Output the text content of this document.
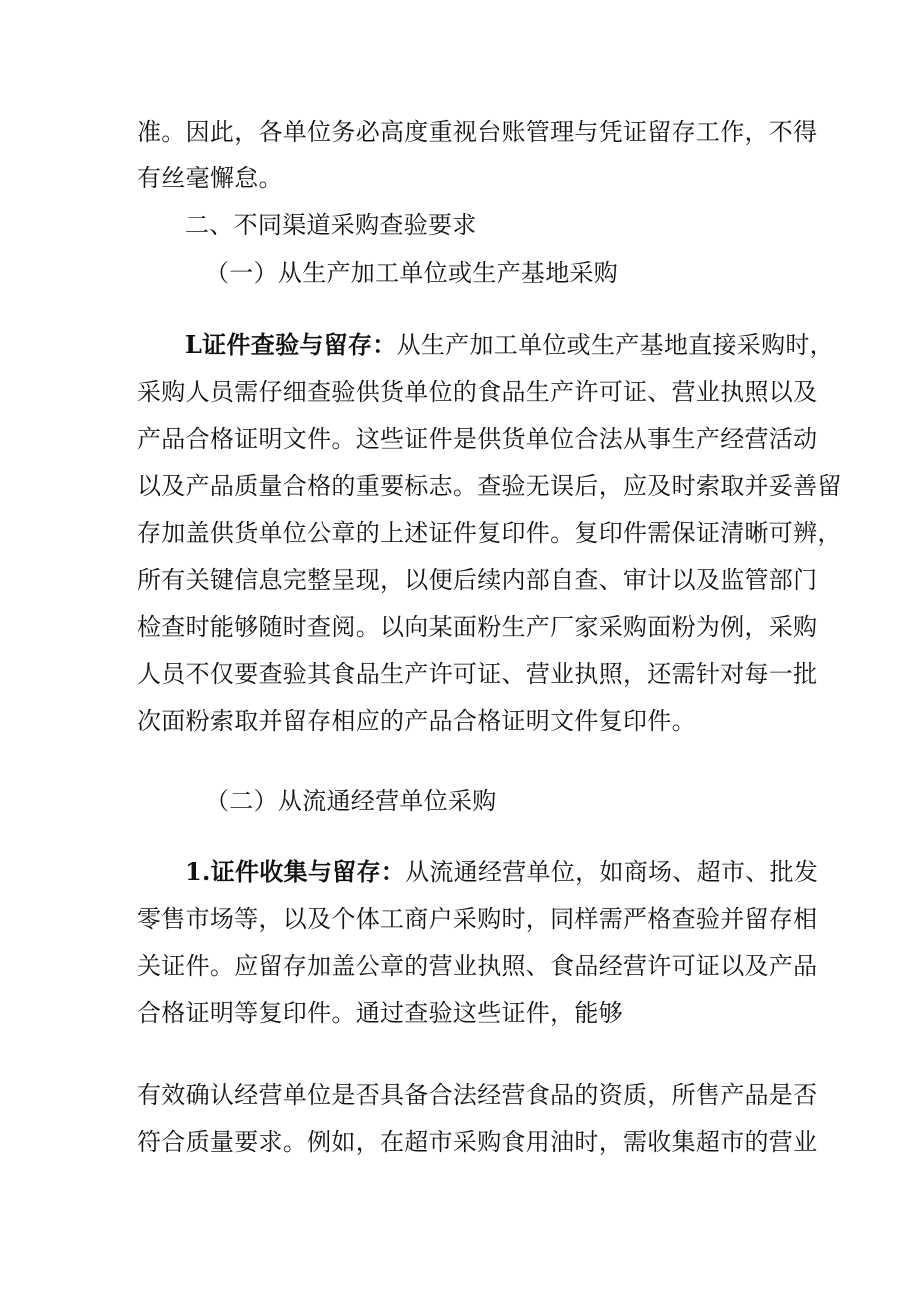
准。因此，各单位务必高度重视台账管理与凭证留存工作，不得
有丝毫懈怠。
二、不同渠道采购查验要求
（一）从生产加工单位或生产基地采购
L证件查验与留存：从生产加工单位或生产基地直接采购时，
采购人员需仔细查验供货单位的食品生产许可证、营业执照以及
产品合格证明文件。这些证件是供货单位合法从事生产经营活动
以及产品质量合格的重要标志。查验无误后，应及时索取并妥善留
存加盖供货单位公章的上述证件复印件。复印件需保证清晰可辨，
所有关键信息完整呈现，以便后续内部自查、审计以及监管部门
检查时能够随时查阅。以向某面粉生产厂家采购面粉为例，采购
人员不仅要查验其食品生产许可证、营业执照，还需针对每一批
次面粉索取并留存相应的产品合格证明文件复印件。
（二）从流通经营单位采购
1.证件收集与留存：从流通经营单位，如商场、超市、批发
零售市场等，以及个体工商户采购时，同样需严格查验并留存相
关证件。应留存加盖公章的营业执照、食品经营许可证以及产品
合格证明等复印件。通过查验这些证件，能够
有效确认经营单位是否具备合法经营食品的资质，所售产品是否
符合质量要求。例如，在超市采购食用油时，需收集超市的营业
